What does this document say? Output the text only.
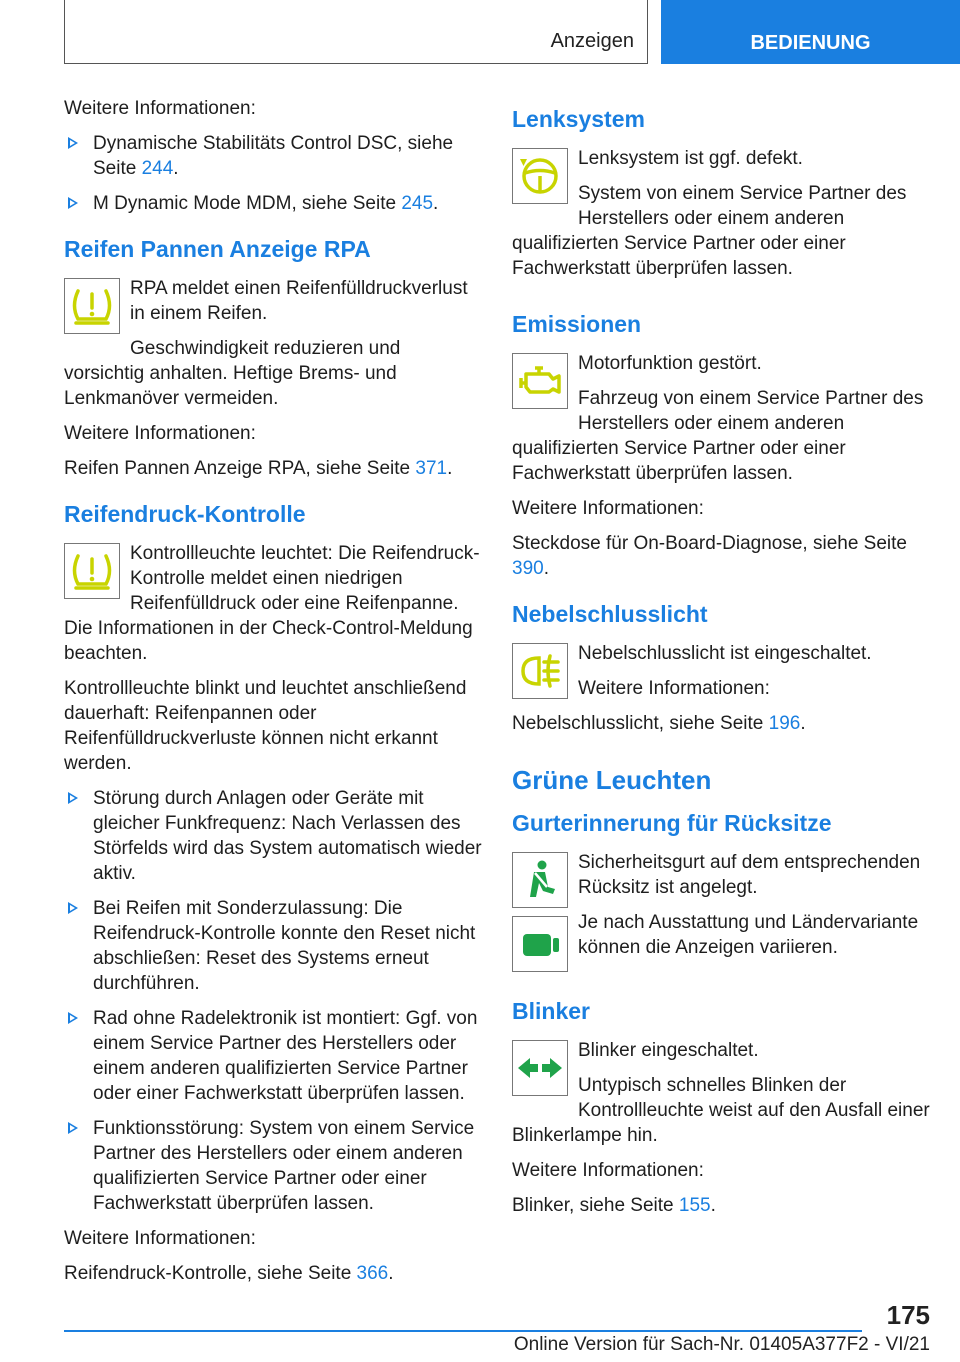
Anzeigen	BEDIENUNG

Weitere Informationen:

Dynamische Stabilitäts Control DSC, siehe Seite 244.
M Dynamic Mode MDM, siehe Seite 245.
Reifen Pannen Anzeige RPA

RPA meldet einen Reifenfülldruckverlust in einem Reifen.

Geschwindigkeit reduzieren und vorsichtig anhalten. Heftige Brems- und Lenkmanöver vermeiden.

Weitere Informationen:

Reifen Pannen Anzeige RPA, siehe Seite 371.

Reifendruck-Kontrolle

Kontrollleuchte leuchtet: Die Reifendruck-Kontrolle meldet einen niedrigen Reifenfülldruck oder eine Reifenpanne. Die Informationen in der Check-Control-Meldung beachten.

Kontrollleuchte blinkt und leuchtet anschließend dauerhaft: Reifenpannen oder Reifenfülldruckverluste können nicht erkannt werden.

Störung durch Anlagen oder Geräte mit gleicher Funkfrequenz: Nach Verlassen des Störfelds wird das System automatisch wieder aktiv.
Bei Reifen mit Sonderzulassung: Die Reifendruck-Kontrolle konnte den Reset nicht abschließen: Reset des Systems erneut durchführen.
Rad ohne Radelektronik ist montiert: Ggf. von einem Service Partner des Herstellers oder einem anderen qualifizierten Service Partner oder einer Fachwerkstatt überprüfen lassen.
Funktionsstörung: System von einem Service Partner des Herstellers oder einem anderen qualifizierten Service Partner oder einer Fachwerkstatt überprüfen lassen.

Weitere Informationen:

Reifendruck-Kontrolle, siehe Seite 366.

Lenksystem

Lenksystem ist ggf. defekt.

System von einem Service Partner des Herstellers oder einem anderen qualifizierten Service Partner oder einer Fachwerkstatt überprüfen lassen.

Emissionen

Motorfunktion gestört.

Fahrzeug von einem Service Partner des Herstellers oder einem anderen qualifizierten Service Partner oder einer Fachwerkstatt überprüfen lassen.

Weitere Informationen:

Steckdose für On-Board-Diagnose, siehe Seite 390.

Nebelschlusslicht

Nebelschlusslicht ist eingeschaltet.

Weitere Informationen:

Nebelschlusslicht, siehe Seite 196.

Grüne Leuchten
Gurterinnerung für Rücksitze

Sicherheitsgurt auf dem entsprechenden Rücksitz ist angelegt.

Je nach Ausstattung und Ländervariante können die Anzeigen variieren.

Blinker

Blinker eingeschaltet.

Untypisch schnelles Blinken der Kontrollleuchte weist auf den Ausfall einer Blinkerlampe hin.

Weitere Informationen:

Blinker, siehe Seite 155.

175
Online Version für Sach-Nr. 01405A377F2 - VI/21
